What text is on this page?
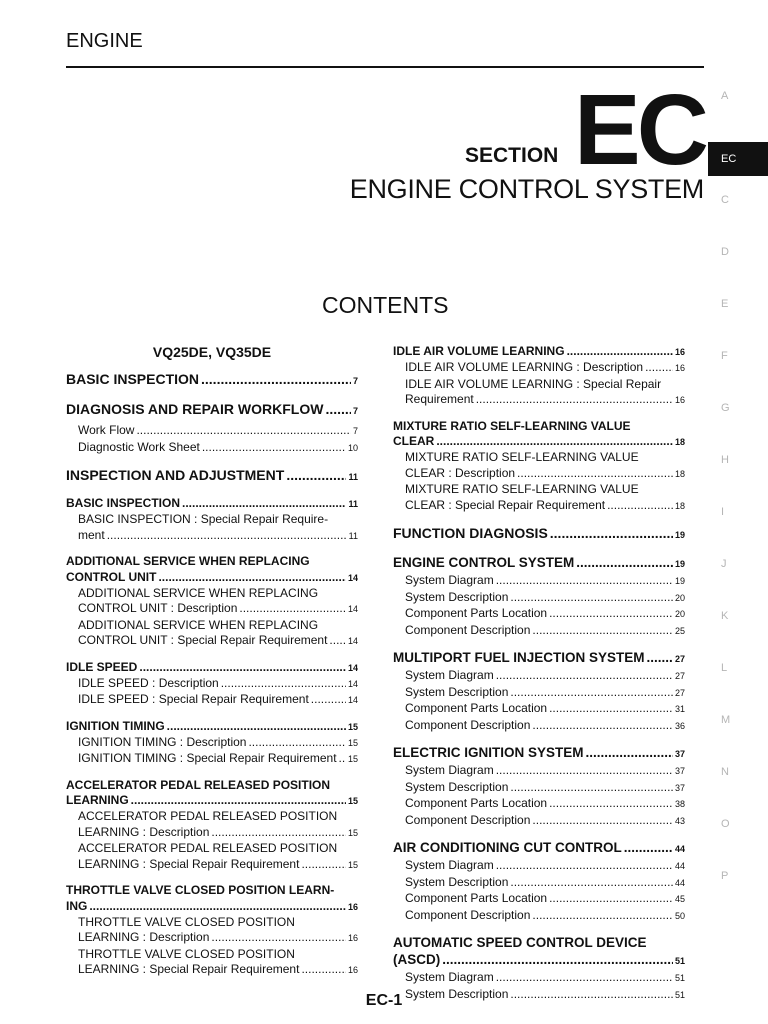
ENGINE
A
EC
C
D
E
F
G
H
I
J
K
L
M
N
O
P
SECTION EC
ENGINE CONTROL SYSTEM
CONTENTS
VQ25DE, VQ35DE
BASIC INSPECTION .....	7
DIAGNOSIS AND REPAIR WORKFLOW .....	7
Work Flow .....	7
Diagnostic Work Sheet .....	10
INSPECTION AND ADJUSTMENT .....	11
BASIC INSPECTION .....	11
BASIC INSPECTION : Special Repair Require-
ment .....	11
ADDITIONAL SERVICE WHEN REPLACING
CONTROL UNIT .....	14
ADDITIONAL SERVICE WHEN REPLACING
CONTROL UNIT : Description .....	14
ADDITIONAL SERVICE WHEN REPLACING
CONTROL UNIT : Special Repair Requirement ..... 14
IDLE SPEED .....	14
IDLE SPEED : Description .....	14
IDLE SPEED : Special Repair Requirement .....	14
IGNITION TIMING .....	15
IGNITION TIMING : Description .....	15
IGNITION TIMING : Special Repair Requirement ..... 15
ACCELERATOR PEDAL RELEASED POSITION
LEARNING .....	15
ACCELERATOR PEDAL RELEASED POSITION
LEARNING : Description .....	15
ACCELERATOR PEDAL RELEASED POSITION
LEARNING : Special Repair Requirement .....	15
THROTTLE VALVE CLOSED POSITION LEARN-
ING .....	16
THROTTLE VALVE CLOSED POSITION
LEARNING : Description .....	16
THROTTLE VALVE CLOSED POSITION
LEARNING : Special Repair Requirement .....	16
IDLE AIR VOLUME LEARNING .....	16
IDLE AIR VOLUME LEARNING : Description .....	16
IDLE AIR VOLUME LEARNING : Special Repair
Requirement .....	16
MIXTURE RATIO SELF-LEARNING VALUE
CLEAR .....	18
MIXTURE RATIO SELF-LEARNING VALUE
CLEAR : Description .....	18
MIXTURE RATIO SELF-LEARNING VALUE
CLEAR : Special Repair Requirement .....	18
FUNCTION DIAGNOSIS .....	19
ENGINE CONTROL SYSTEM .....	19
System Diagram .....	19
System Description .....	20
Component Parts Location .....	20
Component Description .....	25
MULTIPORT FUEL INJECTION SYSTEM .....	27
System Diagram .....	27
System Description .....	27
Component Parts Location .....	31
Component Description .....	36
ELECTRIC IGNITION SYSTEM .....	37
System Diagram .....	37
System Description .....	37
Component Parts Location .....	38
Component Description .....	43
AIR CONDITIONING CUT CONTROL .....	44
System Diagram .....	44
System Description .....	44
Component Parts Location .....	45
Component Description .....	50
AUTOMATIC SPEED CONTROL DEVICE
(ASCD) .....	51
System Diagram .....	51
System Description .....	51
EC-1
